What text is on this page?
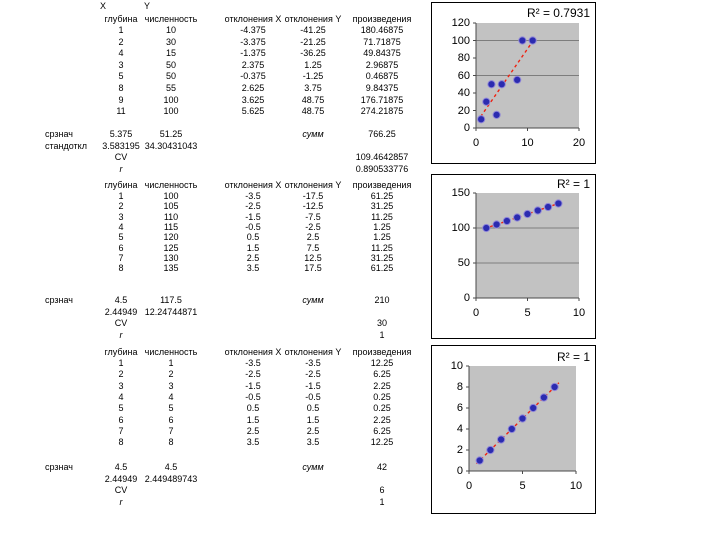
X	Y
глубина численность	отклонения X отклонения Y	произведения
1	10	-4.375	-41.25	180.46875
2	30	-3.375	-21.25	71.71875
4	15	-1.375	-36.25	49.84375
3	50	2.375	1.25	2.96875
5	50	-0.375	-1.25	0.46875
8	55	2.625	3.75	9.84375
9	100	3.625	48.75	176.71875
11	100	5.625	48.75	274.21875
срзнач	5.375	51.25	сумм	766.25
стандоткл	3.583195 34.30431043
CV	109.4642857
r	0.890533776
глубина численность	отклонения X отклонения Y	произведения
1	100	-3.5	-17.5	61.25
2	105	-2.5	-12.5	31.25
3	110	-1.5	-7.5	11.25
4	115	-0.5	-2.5	1.25
5	120	0.5	2.5	1.25
6	125	1.5	7.5	11.25
7	130	2.5	12.5	31.25
8	135	3.5	17.5	61.25
срзнач	4.5	117.5	сумм	210
2.44949 12.24744871
CV	30
r	1
глубина численность	отклонения X отклонения Y	произведения
1	1	-3.5	-3.5	12.25
2	2	-2.5	-2.5	6.25
3	3	-1.5	-1.5	2.25
4	4	-0.5	-0.5	0.25
5	5	0.5	0.5	0.25
6	6	1.5	1.5	2.25
7	7	2.5	2.5	6.25
8	8	3.5	3.5	12.25
срзнач	4.5	4.5	сумм	42
2.44949 2.449489743
CV	6
r	1
0
20
40
60
80
100
120
0	10	20
R² = 0.7931
0
50
100
150
0	5	10
R² = 1
0
2
4
6
8
10
0	5	10
R² = 1
